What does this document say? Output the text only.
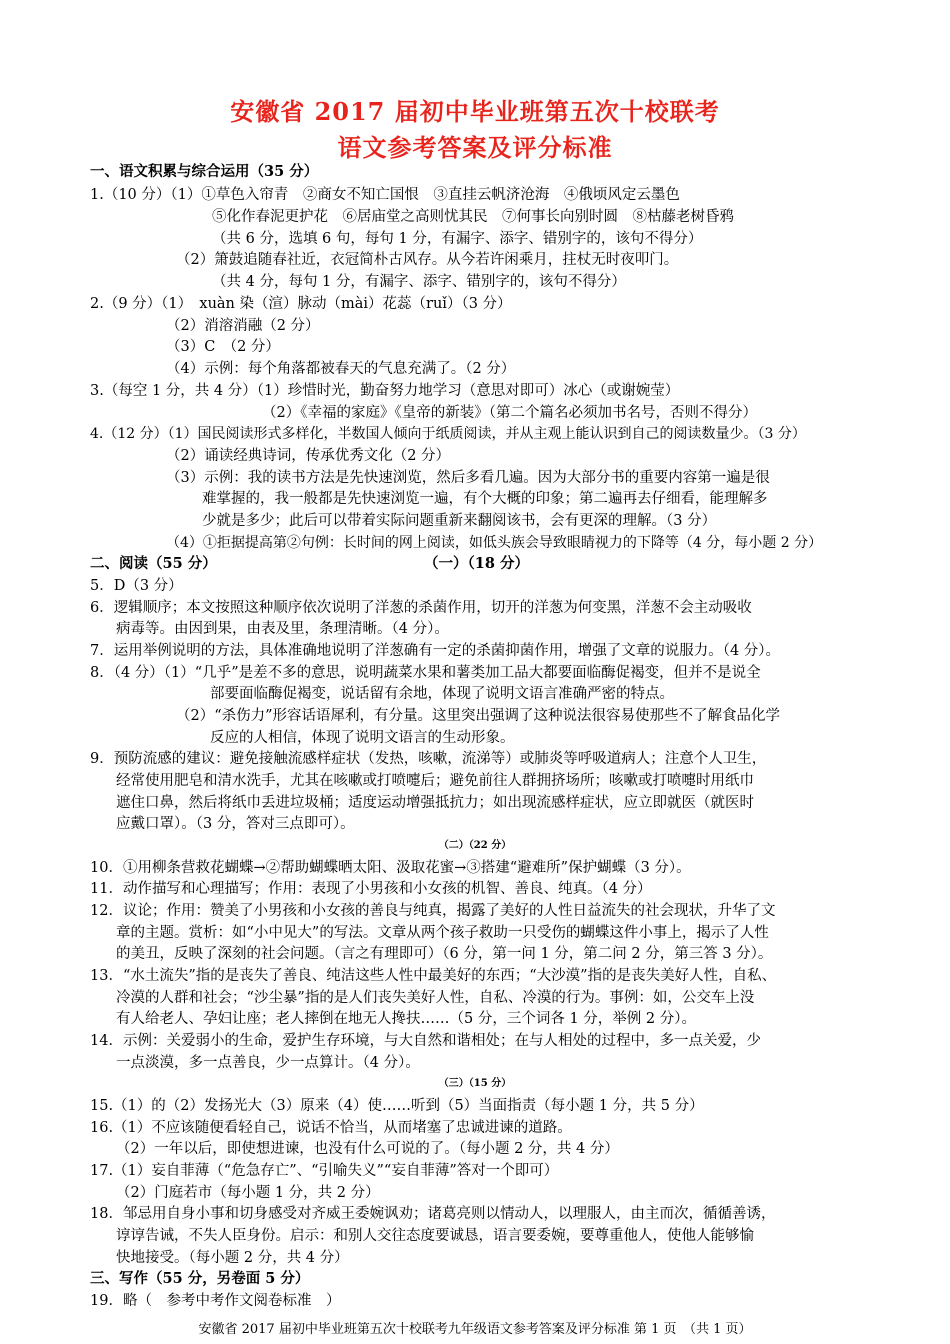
安徽省 2017 届初中毕业班第五次十校联考
语文参考答案及评分标准
一、语文积累与综合运用（35 分）
1.（10 分）（1）①草色入帘青　②商女不知亡国恨　③直挂云帆济沧海　④俄顷风定云墨色
⑤化作春泥更护花　⑥居庙堂之高则忧其民　⑦何事长向别时圆　⑧枯藤老树昏鸦
（共 6 分，选填 6 句，每句 1 分，有漏字、添字、错别字的，该句不得分）
（2）箫鼓追随春社近，衣冠简朴古风存。从今若许闲乘月，拄杖无时夜叩门。
（共 4 分，每句 1 分，有漏字、添字、错别字的，该句不得分）
2.（9 分）（1）　xuàn 染（渲）脉动（mài）花蕊（ruǐ）（3 分）
（2）消溶消融（2 分）
（3）C　（2 分）
（4）示例：每个角落都被春天的气息充满了。（2 分）
3.（每空 1 分，共 4 分）（1）珍惜时光，勤奋努力地学习（意思对即可）冰心（或谢婉莹）
（2）《幸福的家庭》《皇帝的新装》（第二个篇名必须加书名号，否则不得分）
4.（12 分）（1）国民阅读形式多样化，半数国人倾向于纸质阅读，并从主观上能认识到自己的阅读数量少。（3 分）
（2）诵读经典诗词，传承优秀文化（2 分）
（3）示例：我的读书方法是先快速浏览，然后多看几遍。因为大部分书的重要内容第一遍是很
难掌握的，我一般都是先快速浏览一遍，有个大概的印象；第二遍再去仔细看，能理解多
少就是多少；此后可以带着实际问题重新来翻阅该书，会有更深的理解。（3 分）
（4）①拒据提高第②句例：长时间的网上阅读，如低头族会导致眼睛视力的下降等（4 分，每小题 2 分）
二、阅读（55 分）	（一）（18 分）
5．D（3 分）
6．逻辑顺序；本文按照这种顺序依次说明了洋葱的杀菌作用，切开的洋葱为何变黑，洋葱不会主动吸收
病毒等。由因到果，由表及里，条理清晰。（4 分）。
7．运用举例说明的方法，具体准确地说明了洋葱确有一定的杀菌抑菌作用，增强了文章的说服力。（4 分）。
8．（4 分）（1）“几乎”是差不多的意思，说明蔬菜水果和薯类加工品大都要面临酶促褐变，但并不是说全
部要面临酶促褐变，说话留有余地，体现了说明文语言准确严密的特点。
（2）“杀伤力”形容话语犀利，有分量。这里突出强调了这种说法很容易使那些不了解食品化学
反应的人相信，体现了说明文语言的生动形象。
9．预防流感的建议：避免接触流感样症状（发热，咳嗽，流涕等）或肺炎等呼吸道病人；注意个人卫生，
经常使用肥皂和清水洗手，尤其在咳嗽或打喷嚏后；避免前往人群拥挤场所；咳嗽或打喷嚏时用纸巾
遮住口鼻，然后将纸巾丢进垃圾桶；适度运动增强抵抗力；如出现流感样症状，应立即就医（就医时
应戴口罩）。（3 分，答对三点即可）。
（二）（22 分）
10．①用柳条营救花蝴蝶→②帮助蝴蝶晒太阳、汲取花蜜→③搭建“避难所”保护蝴蝶（3 分）。
11．动作描写和心理描写；作用：表现了小男孩和小女孩的机智、善良、纯真。（4 分）
12．议论；作用：赞美了小男孩和小女孩的善良与纯真，揭露了美好的人性日益流失的社会现状，升华了文
章的主题。赏析：如“小中见大”的写法。文章从两个孩子救助一只受伤的蝴蝶这件小事上，揭示了人性
的美丑，反映了深刻的社会问题。（言之有理即可）（6 分，第一问 1 分，第二问 2 分，第三答 3 分）。
13．“水土流失”指的是丧失了善良、纯洁这些人性中最美好的东西；“大沙漠”指的是丧失美好人性，自私、
冷漠的人群和社会；“沙尘暴”指的是人们丧失美好人性，自私、冷漠的行为。事例：如，公交车上没
有人给老人、孕妇让座；老人摔倒在地无人搀扶……（5 分，三个词各 1 分，举例 2 分）。
14．示例：关爱弱小的生命，爱护生存环境，与大自然和谐相处；在与人相处的过程中，多一点关爱，少
一点淡漠，多一点善良，少一点算计。（4 分）。
（三）（15 分）
15.（1）的（2）发扬光大（3）原来（4）使……听到（5）当面指责（每小题 1 分，共 5 分）
16.（1）不应该随便看轻自己，说话不恰当，从而堵塞了忠诚进谏的道路。
（2）一年以后，即使想进谏，也没有什么可说的了。（每小题 2 分，共 4 分）
17.（1）妄自菲薄（“危急存亡”、“引喻失义”“妄自菲薄”答对一个即可）
（2）门庭若市（每小题 1 分，共 2 分）
18．邹忌用自身小事和切身感受对齐威王委婉讽劝；诸葛亮则以情动人，以理服人，由主而次，循循善诱，
谆谆告诫，不失人臣身份。启示：和别人交往态度要诚恳，语言要委婉，要尊重他人，使他人能够愉
快地接受。（每小题 2 分，共 4 分）
三、写作（55 分，另卷面 5 分）
19．略（　参考中考作文阅卷标准　）
安徽省 2017 届初中毕业班第五次十校联考九年级语文参考答案及评分标准 第 1 页　（共 1 页）
